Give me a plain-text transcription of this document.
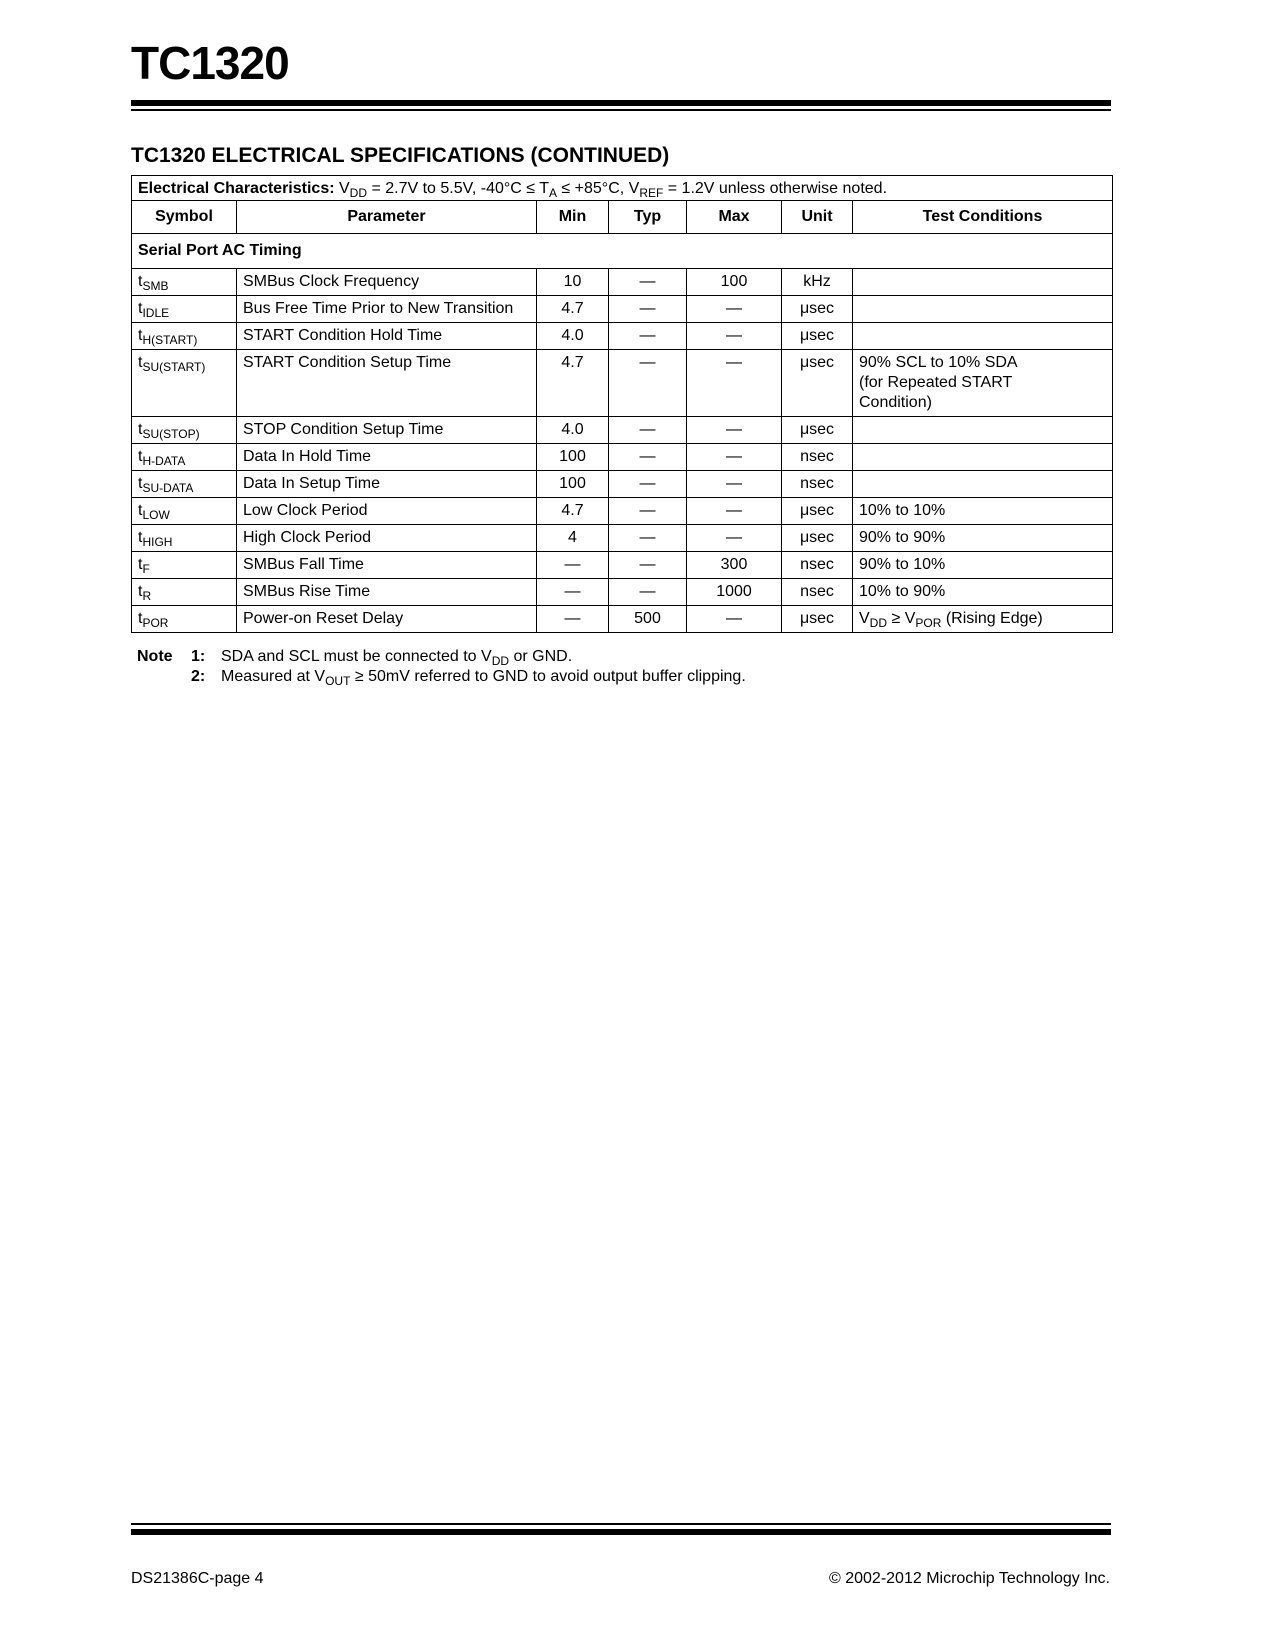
TC1320
TC1320 ELECTRICAL SPECIFICATIONS (CONTINUED)
Electrical Characteristics: $V_{DD} = 2.7V$ to 5.5V, $-40^\circ C \le T_A \le +85^\circ C$, $V_{REF} = 1.2V$ unless otherwise noted.						
Symbol	Parameter	Min	Typ	Max	Unit	Test Conditions
Serial Port AC Timing						
$t_{SMB}$	SMBus Clock Frequency	10	—	100	kHz	
$t_{IDLE}$	Bus Free Time Prior to New Transition	4.7	—	—	μsec	
$t_{H(START)}$	START Condition Hold Time	4.0	—	—	μsec	
$t_{SU(START)}$	START Condition Setup Time	4.7	—	—	μsec	90% SCL to 10% SDA
(for Repeated START
Condition)

$t_{SU(STOP)}$	STOP Condition Setup Time	4.0	—	—	μsec	
$t_{H-DATA}$	Data In Hold Time	100	—	—	nsec	
$t_{SU-DATA}$	Data In Setup Time	100	—	—	nsec	
$t_{LOW}$	Low Clock Period	4.7	—	—	μsec	10% to 10%
$t_{HIGH}$	High Clock Period	4	—	—	μsec	90% to 90%
$t_F$	SMBus Fall Time	—	—	300	nsec	90% to 10%
$t_R$	SMBus Rise Time	—	—	1000	nsec	10% to 90%
$t_{POR}$	Power-on Reset Delay	—	500	—	μsec	$V_{DD} \ge V_{POR}$ (Rising Edge)
Note	1: SDA and SCL must be connected to $V_{DD}$ or GND.
2: Measured at $V_{OUT} \ge 50mV$ referred to GND to avoid output buffer clipping.
DS21386C-page 4	© 2002-2012 Microchip Technology Inc.
